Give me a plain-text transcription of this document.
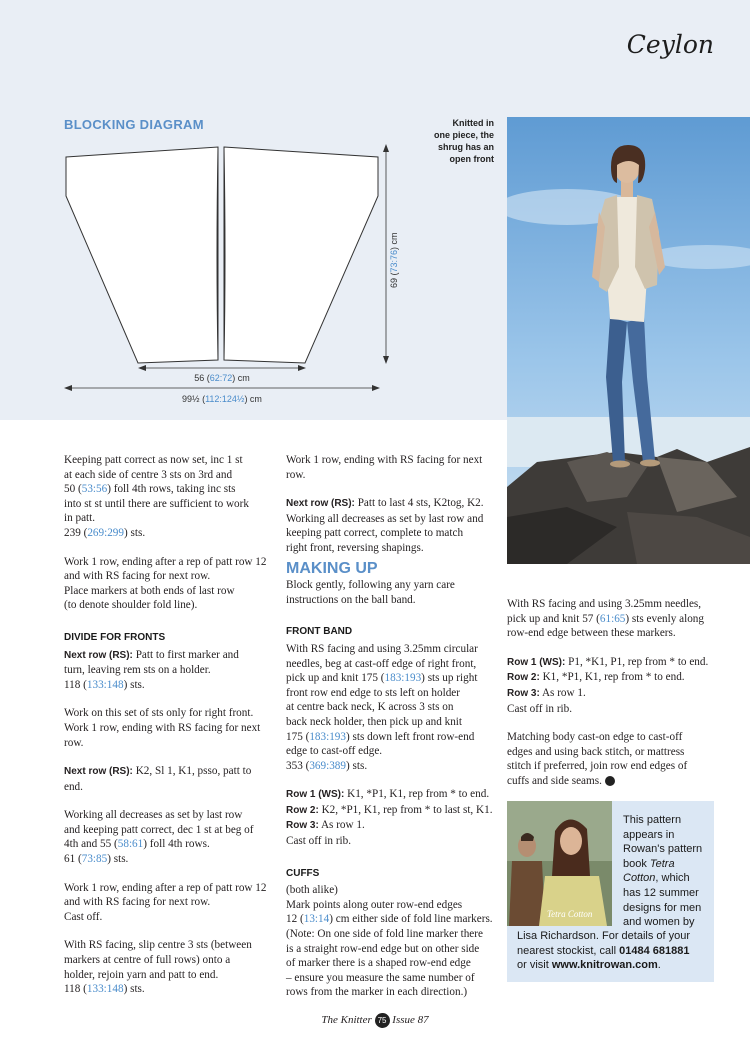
Ceylon
BLOCKING DIAGRAM	Knitted in
one piece, the
shrug has an
open front
69 (73:76) cm
56 (62:72) cm
99½ (112:124½) cm

Keeping patt correct as now set, inc 1 st
at each side of centre 3 sts on 3rd and
50 (53:56) foll 4th rows, taking inc sts
into st st until there are sufficient to work
in patt.
239 (269:299) sts.

Work 1 row, ending after a rep of patt row 12
and with RS facing for next row.
Place markers at both ends of last row
(to denote shoulder fold line).

DIVIDE FOR FRONTS

Next row (RS): Patt to first marker and
turn, leaving rem sts on a holder.
118 (133:148) sts.

Work on this set of sts only for right front.
Work 1 row, ending with RS facing for next
row.

Next row (RS): K2, Sl 1, K1, psso, patt to
end.

Working all decreases as set by last row
and keeping patt correct, dec 1 st at beg of
4th and 55 (58:61) foll 4th rows.
61 (73:85) sts.

Work 1 row, ending after a rep of patt row 12
and with RS facing for next row.
Cast off.

With RS facing, slip centre 3 sts (between
markers at centre of full rows) onto a
holder, rejoin yarn and patt to end.
118 (133:148) sts.

Work 1 row, ending with RS facing for next
row.

Next row (RS): Patt to last 4 sts, K2tog, K2.
Working all decreases as set by last row and
keeping patt correct, complete to match
right front, reversing shapings.

MAKING UP

Block gently, following any yarn care
instructions on the ball band.

FRONT BAND

With RS facing and using 3.25mm circular
needles, beg at cast-off edge of right front,
pick up and knit 175 (183:193) sts up right
front row end edge to sts left on holder
at centre back neck, K across 3 sts on
back neck holder, then pick up and knit
175 (183:193) sts down left front row-end
edge to cast-off edge.
353 (369:389) sts.

Row 1 (WS): K1, *P1, K1, rep from * to end.
Row 2: K2, *P1, K1, rep from * to last st, K1.
Row 3: As row 1.
Cast off in rib.

CUFFS

(both alike)
Mark points along outer row-end edges
12 (13:14) cm either side of fold line markers.
(Note: On one side of fold line marker there
is a straight row-end edge but on other side
of marker there is a shaped row-end edge
– ensure you measure the same number of
rows from the marker in each direction.)

With RS facing and using 3.25mm needles,
pick up and knit 57 (61:65) sts evenly along
row-end edge between these markers.

Row 1 (WS): P1, *K1, P1, rep from * to end.
Row 2: K1, *P1, K1, rep from * to end.
Row 3: As row 1.
Cast off in rib.

Matching body cast-on edge to cast-off
edges and using back stitch, or mattress
stitch if preferred, join row end edges of
cuffs and side seams.

Tetra Cotton
This pattern
appears in
Rowan's pattern
book Tetra
Cotton, which
has 12 summer
designs for men
and women by
Lisa Richardson. For details of your
nearest stockist, call 01484 681881
or visit www.knitrowan.com.
The Knitter 75 Issue 87
